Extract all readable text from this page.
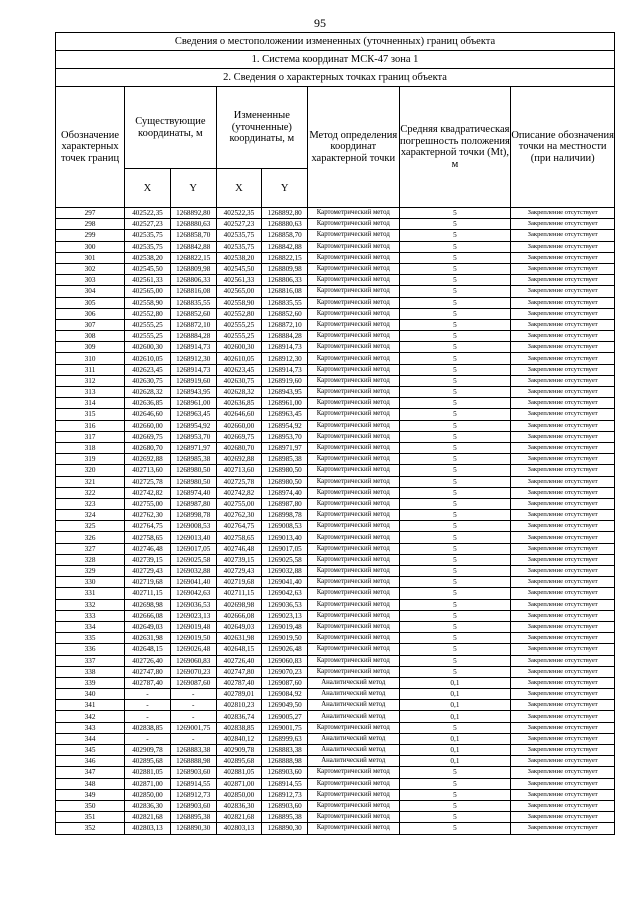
95
Сведения о местоположении измененных (уточненных) границ объекта							
1. Система координат МСК-47 зона 1							
2. Сведения о характерных точках границ объекта							
Обозначение характерных точек границ	Существующие координаты, м		Измененные (уточненные) координаты, м		Метод определения координат характерной точки	Средняя квадратическая погрешность положения характерной точки (Mt), м	Описание обозначения точки на местности (при наличии)
	X	Y	X	Y			
297	402522,35	1268892,80	402522,35	1268892,80	Картометрический метод	5	Закрепление отсутствует
298	402527,23	1268880,63	402527,23	1268880,63	Картометрический метод	5	Закрепление отсутствует
299	402535,75	1268858,70	402535,75	1268858,70	Картометрический метод	5	Закрепление отсутствует
300	402535,75	1268842,88	402535,75	1268842,88	Картометрический метод	5	Закрепление отсутствует
301	402538,20	1268822,15	402538,20	1268822,15	Картометрический метод	5	Закрепление отсутствует
302	402545,50	1268809,98	402545,50	1268809,98	Картометрический метод	5	Закрепление отсутствует
303	402561,33	1268806,33	402561,33	1268806,33	Картометрический метод	5	Закрепление отсутствует
304	402565,00	1268816,08	402565,00	1268816,08	Картометрический метод	5	Закрепление отсутствует
305	402558,90	1268835,55	402558,90	1268835,55	Картометрический метод	5	Закрепление отсутствует
306	402552,80	1268852,60	402552,80	1268852,60	Картометрический метод	5	Закрепление отсутствует
307	402555,25	1268872,10	402555,25	1268872,10	Картометрический метод	5	Закрепление отсутствует
308	402555,25	1268884,28	402555,25	1268884,28	Картометрический метод	5	Закрепление отсутствует
309	402600,30	1268914,73	402600,30	1268914,73	Картометрический метод	5	Закрепление отсутствует
310	402610,05	1268912,30	402610,05	1268912,30	Картометрический метод	5	Закрепление отсутствует
311	402623,45	1268914,73	402623,45	1268914,73	Картометрический метод	5	Закрепление отсутствует
312	402630,75	1268919,60	402630,75	1268919,60	Картометрический метод	5	Закрепление отсутствует
313	402628,32	1268943,95	402628,32	1268943,95	Картометрический метод	5	Закрепление отсутствует
314	402636,85	1268961,00	402636,85	1268961,00	Картометрический метод	5	Закрепление отсутствует
315	402646,60	1268963,45	402646,60	1268963,45	Картометрический метод	5	Закрепление отсутствует
316	402660,00	1268954,92	402660,00	1268954,92	Картометрический метод	5	Закрепление отсутствует
317	402669,75	1268953,70	402669,75	1268953,70	Картометрический метод	5	Закрепление отсутствует
318	402680,70	1268971,97	402680,70	1268971,97	Картометрический метод	5	Закрепление отсутствует
319	402692,88	1268985,38	402692,88	1268985,38	Картометрический метод	5	Закрепление отсутствует
320	402713,60	1268980,50	402713,60	1268980,50	Картометрический метод	5	Закрепление отсутствует
321	402725,78	1268980,50	402725,78	1268980,50	Картометрический метод	5	Закрепление отсутствует
322	402742,82	1268974,40	402742,82	1268974,40	Картометрический метод	5	Закрепление отсутствует
323	402755,00	1268987,80	402755,00	1268987,80	Картометрический метод	5	Закрепление отсутствует
324	402762,30	1268998,78	402762,30	1268998,78	Картометрический метод	5	Закрепление отсутствует
325	402764,75	1269008,53	402764,75	1269008,53	Картометрический метод	5	Закрепление отсутствует
326	402758,65	1269013,40	402758,65	1269013,40	Картометрический метод	5	Закрепление отсутствует
327	402746,48	1269017,05	402746,48	1269017,05	Картометрический метод	5	Закрепление отсутствует
328	402739,15	1269025,58	402739,15	1269025,58	Картометрический метод	5	Закрепление отсутствует
329	402729,43	1269032,88	402729,43	1269032,88	Картометрический метод	5	Закрепление отсутствует
330	402719,68	1269041,40	402719,68	1269041,40	Картометрический метод	5	Закрепление отсутствует
331	402711,15	1269042,63	402711,15	1269042,63	Картометрический метод	5	Закрепление отсутствует
332	402698,98	1269036,53	402698,98	1269036,53	Картометрический метод	5	Закрепление отсутствует
333	402666,08	1269023,13	402666,08	1269023,13	Картометрический метод	5	Закрепление отсутствует
334	402649,03	1269019,48	402649,03	1269019,48	Картометрический метод	5	Закрепление отсутствует
335	402631,98	1269019,50	402631,98	1269019,50	Картометрический метод	5	Закрепление отсутствует
336	402648,15	1269026,48	402648,15	1269026,48	Картометрический метод	5	Закрепление отсутствует
337	402726,40	1269060,83	402726,40	1269060,83	Картометрический метод	5	Закрепление отсутствует
338	402747,80	1269070,23	402747,80	1269070,23	Картометрический метод	5	Закрепление отсутствует
339	402787,40	1269087,60	402787,40	1269087,60	Аналитический метод	0,1	Закрепление отсутствует
340	-	-	402789,01	1269084,92	Аналитический метод	0,1	Закрепление отсутствует
341	-	-	402810,23	1269049,50	Аналитический метод	0,1	Закрепление отсутствует
342	-	-	402836,74	1269005,27	Аналитический метод	0,1	Закрепление отсутствует
343	402838,85	1269001,75	402838,85	1269001,75	Картометрический метод	5	Закрепление отсутствует
344	-	-	402840,12	1268999,63	Аналитический метод	0,1	Закрепление отсутствует
345	402909,78	1268883,38	402909,78	1268883,38	Аналитический метод	0,1	Закрепление отсутствует
346	402895,68	1268888,98	402895,68	1268888,98	Аналитический метод	0,1	Закрепление отсутствует
347	402881,05	1268903,60	402881,05	1268903,60	Картометрический метод	5	Закрепление отсутствует
348	402871,00	1268914,55	402871,00	1268914,55	Картометрический метод	5	Закрепление отсутствует
349	402850,00	1268912,73	402850,00	1268912,73	Картометрический метод	5	Закрепление отсутствует
350	402836,30	1268903,60	402836,30	1268903,60	Картометрический метод	5	Закрепление отсутствует
351	402821,68	1268895,38	402821,68	1268895,38	Картометрический метод	5	Закрепление отсутствует
352	402803,13	1268890,30	402803,13	1268890,30	Картометрический метод	5	Закрепление отсутствует
